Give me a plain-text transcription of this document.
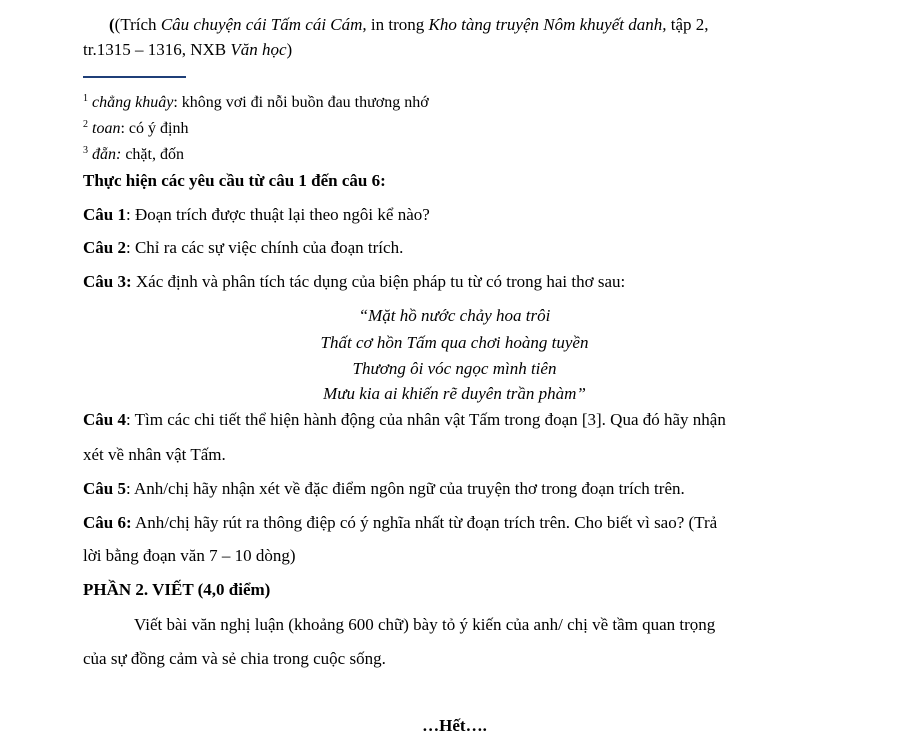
((Trích Câu chuyện cái Tấm cái Cám, in trong Kho tàng truyện Nôm khuyết danh, tập 2,
tr.1315 – 1316, NXB Văn học)
$^1$ chẳng khuây: không vơi đi nỗi buồn đau thương nhớ
$^2$ toan: có ý định
$^3$ đẵn: chặt, đốn
Thực hiện các yêu cầu từ câu 1 đến câu 6:
Câu 1: Đoạn trích được thuật lại theo ngôi kể nào?
Câu 2: Chỉ ra các sự việc chính của đoạn trích.
Câu 3: Xác định và phân tích tác dụng của biện pháp tu từ có trong hai thơ sau:
“Mặt hồ nước chảy hoa trôi
Thất cơ hồn Tấm qua chơi hoàng tuyền
Thương ôi vóc ngọc mình tiên
Mưu kia ai khiến rẽ duyên trần phàm”
Câu 4: Tìm các chi tiết thể hiện hành động của nhân vật Tấm trong đoạn [3]. Qua đó hãy nhận
xét về nhân vật Tấm.
Câu 5: Anh/chị hãy nhận xét về đặc điểm ngôn ngữ của truyện thơ trong đoạn trích trên.
Câu 6: Anh/chị hãy rút ra thông điệp có ý nghĩa nhất từ đoạn trích trên. Cho biết vì sao? (Trả
lời bằng đoạn văn 7 – 10 dòng)
PHẦN 2. VIẾT (4,0 điểm)
Viết bài văn nghị luận (khoảng 600 chữ) bày tỏ ý kiến của anh/ chị về tầm quan trọng
của sự đồng cảm và sẻ chia trong cuộc sống.
…Hết….
